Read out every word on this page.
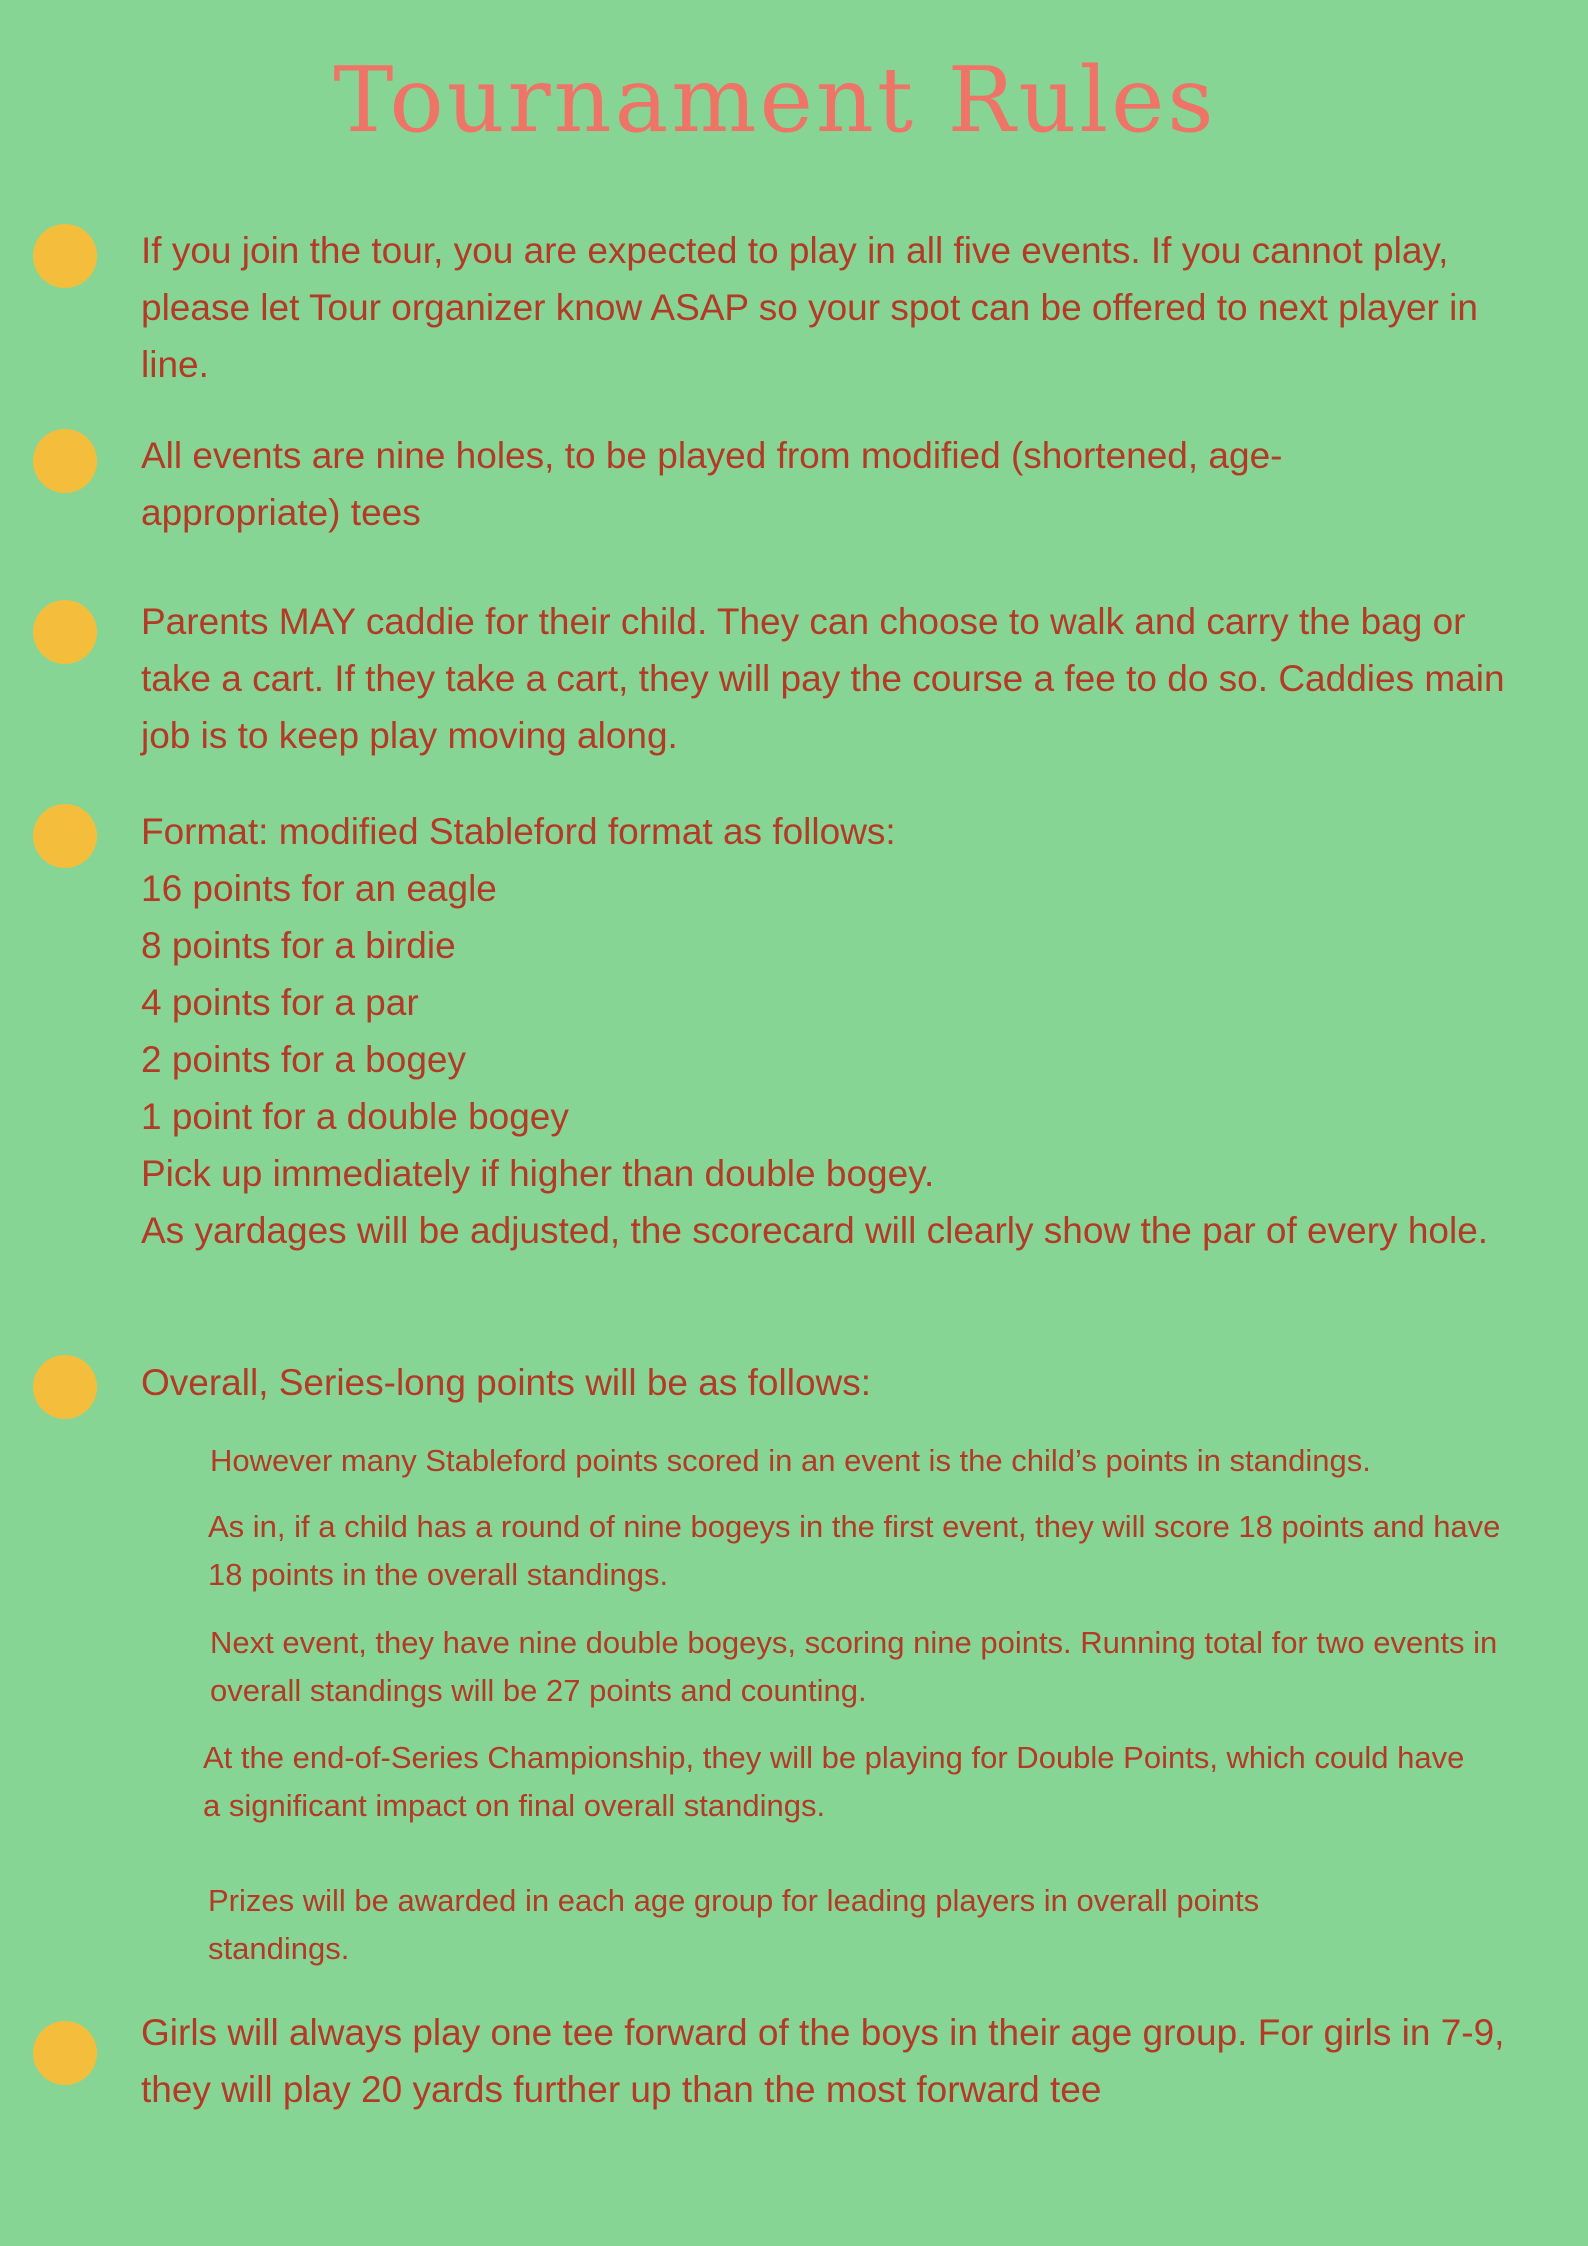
Tournament Rules
If you join the tour, you are expected to play in all five events. If you cannot play, please let Tour organizer know ASAP so your spot can be offered to next player in line.
All events are nine holes, to be played from modified (shortened, age-appropriate) tees
Parents MAY caddie for their child. They can choose to walk and carry the bag or take a cart. If they take a cart, they will pay the course a fee to do so. Caddies main job is to keep play moving along.
Format: modified Stableford format as follows:
16 points for an eagle
8 points for a birdie
4 points for a par
2 points for a bogey
1 point for a double bogey
Pick up immediately if higher than double bogey.
As yardages will be adjusted, the scorecard will clearly show the par of every hole.
Overall, Series-long points will be as follows:
However many Stableford points scored in an event is the child’s points in standings.
As in, if a child has a round of nine bogeys in the first event, they will score 18 points and have 18 points in the overall standings.
Next event, they have nine double bogeys, scoring nine points. Running total for two events in overall standings will be 27 points and counting.
At the end-of-Series Championship, they will be playing for Double Points, which could have a significant impact on final overall standings.
Prizes will be awarded in each age group for leading players in overall points standings.
Girls will always play one tee forward of the boys in their age group. For girls in 7-9, they will play 20 yards further up than the most forward tee
